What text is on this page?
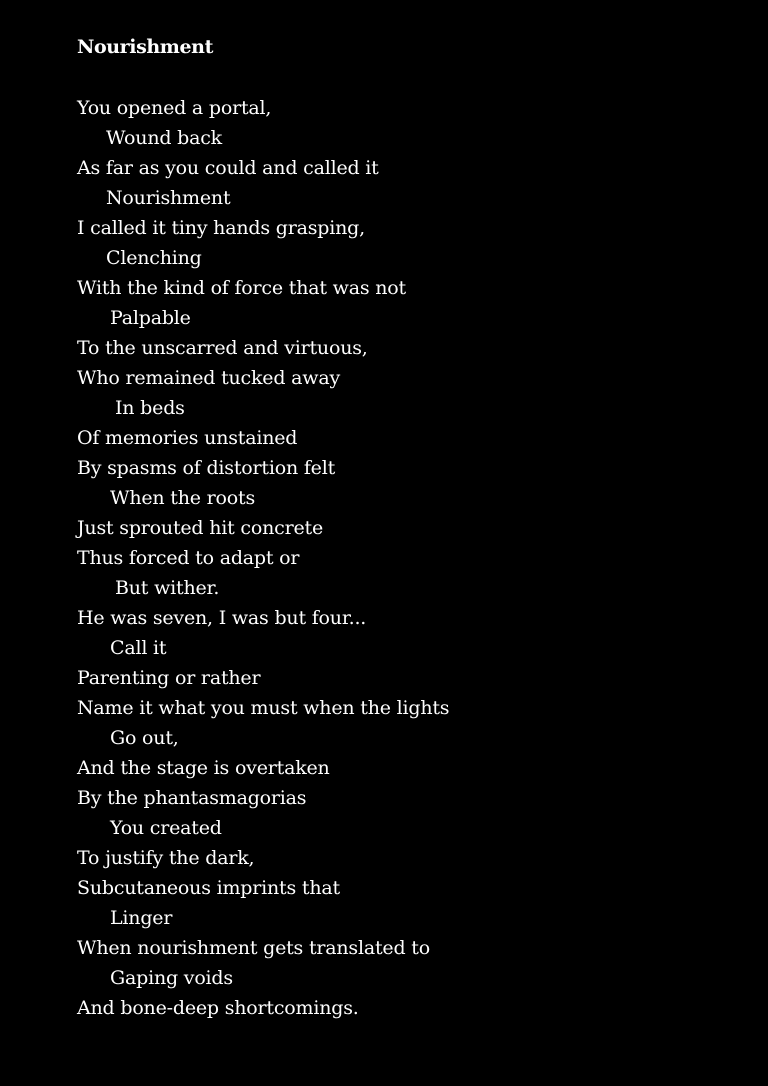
Nourishment
You opened a portal,
Wound back
As far as you could and called it
Nourishment
I called it tiny hands grasping,
Clenching
With the kind of force that was not
Palpable
To the unscarred and virtuous,
Who remained tucked away
In beds
Of memories unstained
By spasms of distortion felt
When the roots
Just sprouted hit concrete
Thus forced to adapt or
But wither.
He was seven, I was but four...
Call it
Parenting or rather
Name it what you must when the lights
Go out,
And the stage is overtaken
By the phantasmagorias
You created
To justify the dark,
Subcutaneous imprints that
Linger
When nourishment gets translated to
Gaping voids
And bone-deep shortcomings.
